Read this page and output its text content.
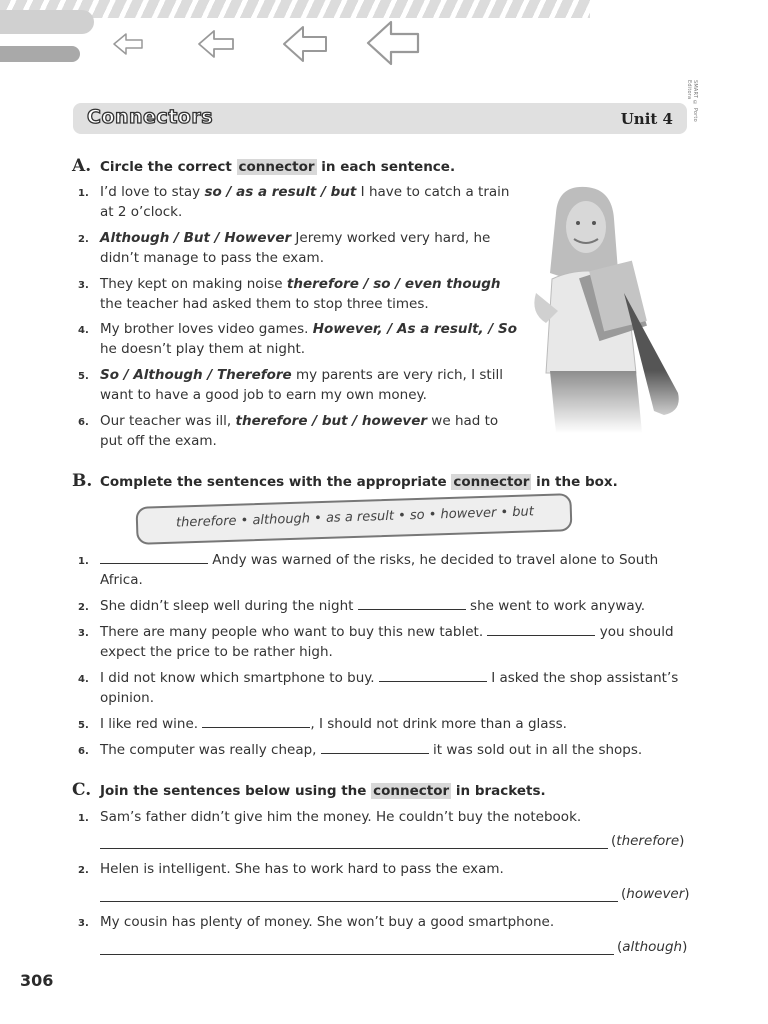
SMART © Porto Editora
Connectors	Unit 4
A. Circle the correct connector in each sentence.
1. I’d love to stay so / as a result / but I have to catch a train at 2 o’clock.
2. Although / But / However Jeremy worked very hard, he didn’t manage to pass the exam.
3. They kept on making noise therefore / so / even though the teacher had asked them to stop three times.
4. My brother loves video games. However, / As a result, / So he doesn’t play them at night.
5. So / Although / Therefore my parents are very rich, I still want to have a good job to earn my own money.
6. Our teacher was ill, therefore / but / however we had to put off the exam.
B. Complete the sentences with the appropriate connector in the box.
therefore • although • as a result • so • however • but
1.	Andy was warned of the risks, he decided to travel alone to South Africa.
2. She didn’t sleep well during the night	she went to work anyway.
3. There are many people who want to buy this new tablet.	you should expect the price to be rather high.
4. I did not know which smartphone to buy.	I asked the shop assistant’s opinion.
5. I like red wine.	, I should not drink more than a glass.
6. The computer was really cheap,	it was sold out in all the shops.
C. Join the sentences below using the connector in brackets.
1. Sam’s father didn’t give him the money. He couldn’t buy the notebook.
(therefore)
2. Helen is intelligent. She has to work hard to pass the exam.
(however)
3. My cousin has plenty of money. She won’t buy a good smartphone.
(although)
306
